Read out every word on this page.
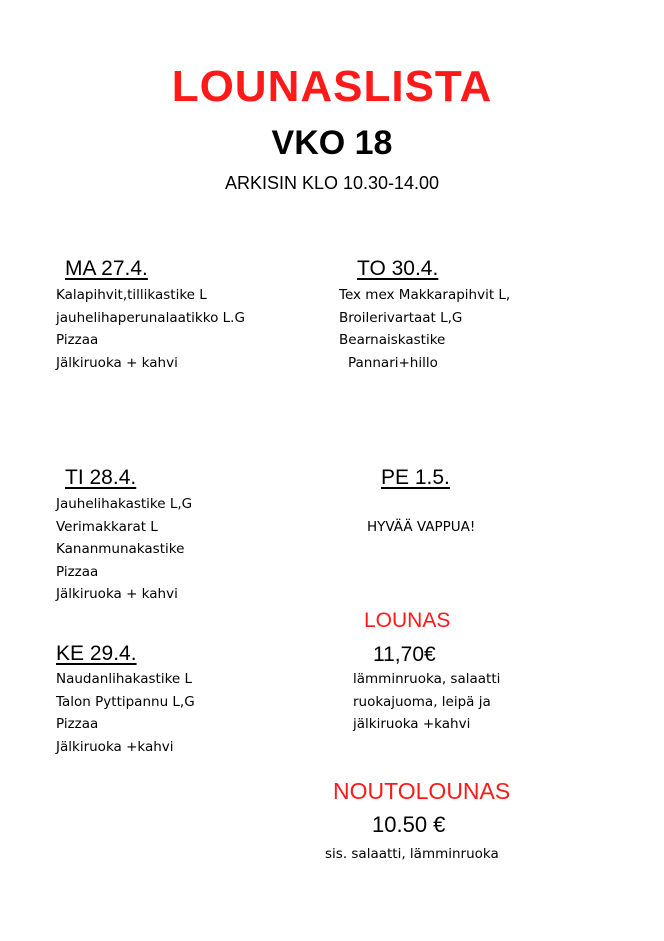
LOUNASLISTA
VKO 18
ARKISIN KLO 10.30-14.00
MA 27.4.
Kalapihvit,tillikastike L
jauhelihaperunalaatikko L.G
Pizzaa
Jälkiruoka + kahvi
TO 30.4.
Tex mex Makkarapihvit L,
Broilerivartaat L,G
Bearnaiskastike
Pannari+hillo
TI 28.4.
Jauhelihakastike L,G
Verimakkarat L
Kananmunakastike
Pizzaa
Jälkiruoka + kahvi
PE 1.5.
HYVÄÄ VAPPUA!
KE 29.4.
Naudanlihakastike L
Talon Pyttipannu L,G
Pizzaa
Jälkiruoka +kahvi
LOUNAS
11,70€
lämminruoka, salaatti
ruokajuoma, leipä ja
jälkiruoka +kahvi
NOUTOLOUNAS
10.50 €
sis. salaatti, lämminruoka
